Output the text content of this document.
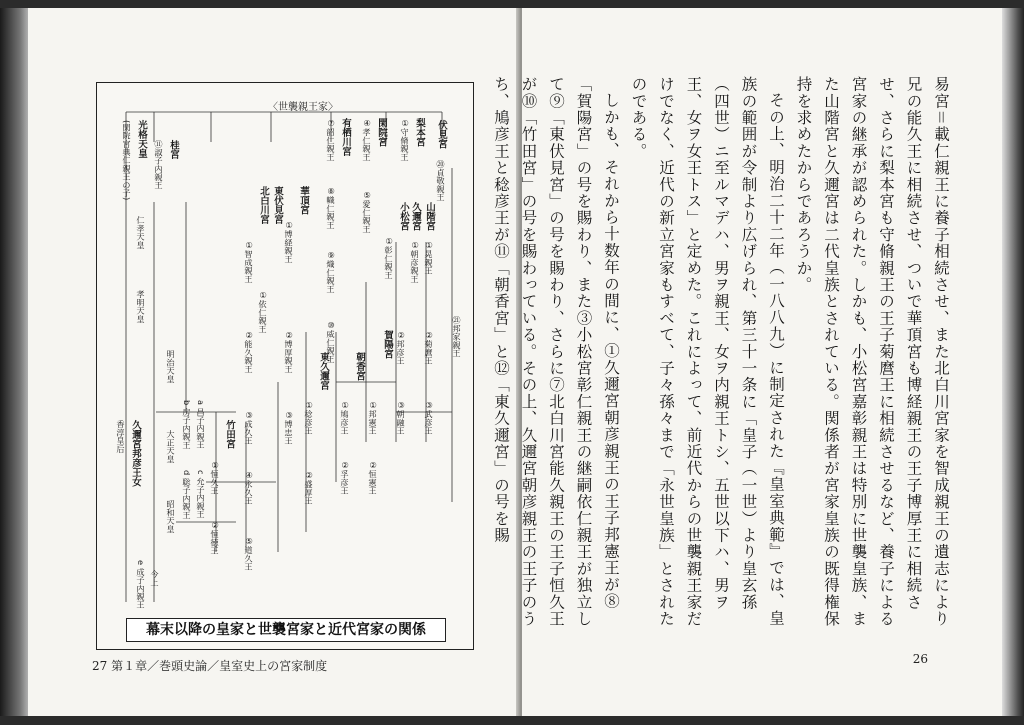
〈世襲親王家〉
伏見宮
⑳貞敬親王
㉑邦家親王
梨本宮
①守脩親王
閑院宮
④孝仁親王
⑤愛仁親王
有栖川宮
⑦韶仁親王
⑧幟仁親王
⑨熾仁親王
⑩威仁親王
桂宮
⑪淑子内親王
光格天皇
(閑院宮典仁親王の子)
仁孝天皇
孝明天皇
明治天皇
大正天皇
昭和天皇
今上
華頂宮
①博経親王
②博厚親王
③博忠王
北白川宮
①智成親王
②能久親王
③成久王
④永久王
⑤道久王
東伏見宮
①依仁親王
小松宮
①彰仁親王
山階宮
①晃親王
②菊麿王
③武彦王
久邇宮
①朝彦親王
②邦彦王
③朝融王
賀陽宮
①邦憲王
②恒憲王
朝香宮
①鳩彦王
②孚彦王
東久邇宮
①稔彦王
②盛厚王
竹田宮
①恒久王
②恒徳王
久邇宮邦彦王女
香淳皇后	a 昌子内親王
b 房子内親王
c 允子内親王
d 聡子内親王
e 成子内親王
幕末以降の皇家と世襲宮家と近代宮家の関係

易宮＝載仁親王に養子相続させ、また北白川宮家を智成親王の遺志により兄の能久王に相続させ、ついで華頂宮も博経親王の王子博厚王に相続させ、さらに梨本宮も守脩親王の王子菊麿王に相続させるなど、養子による宮家の継承が認められた。しかも、小松宮嘉彰親王は特別に世襲皇族、また山階宮と久邇宮は二代皇族とされている。関係者が宮家皇族の既得権保持を求めたからであろうか。

その上、明治二十二年（一八八九）に制定された『皇室典範』では、皇族の範囲が令制より広げられ、第三十一条に「皇子（一世）より皇玄孫（四世）ニ至ルマデハ、男ヲ親王、女ヲ内親王トシ、五世以下ハ、男ヲ王、女ヲ女王トス」と定めた。これによって、前近代からの世襲親王家だけでなく、近代の新立宮家もすべて、子々孫々まで「永世皇族」とされたのである。

しかも、それから十数年の間に、①久邇宮朝彦親王の王子邦憲王が⑧「賀陽宮」の号を賜わり、また③小松宮彰仁親王の継嗣依仁親王が独立して⑨「東伏見宮」の号を賜わり、さらに⑦北白川宮能久親王の王子恒久王が⑩「竹田宮」の号を賜わっている。その上、久邇宮朝彦親王の王子のうち、鳩彦王と稔彦王が⑪「朝香宮」と⑫「東久邇宮」の号を賜

27 第１章／巻頭史論／皇室史上の宮家制度	26
